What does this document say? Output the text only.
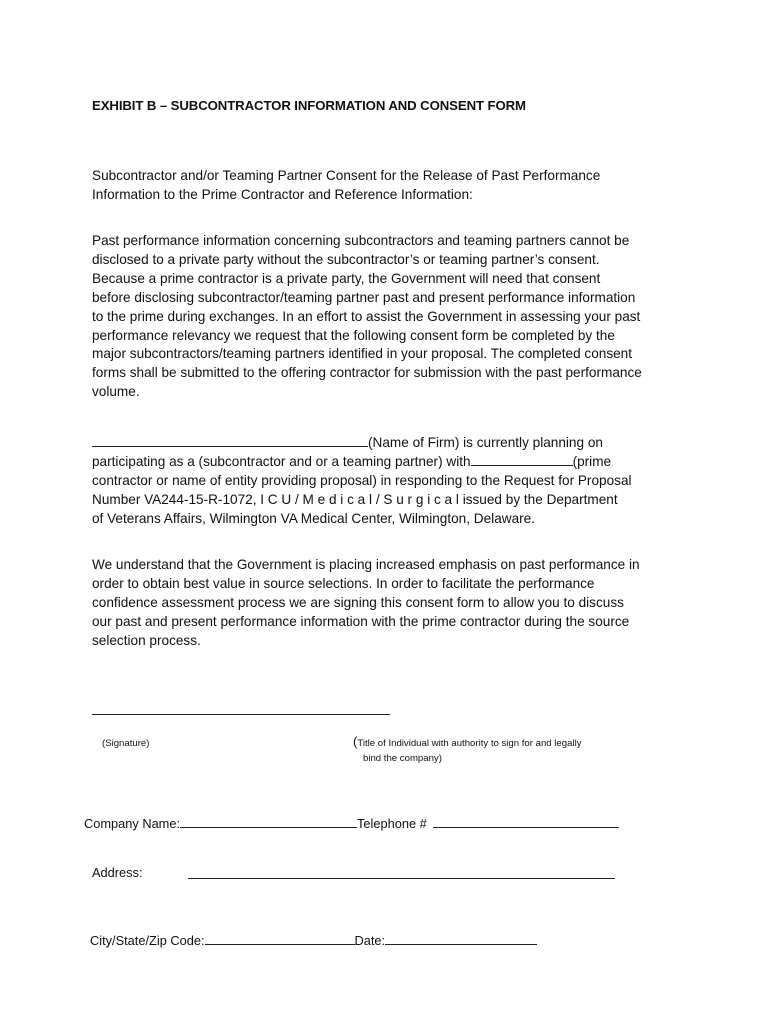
EXHIBIT B – SUBCONTRACTOR INFORMATION AND CONSENT FORM
Subcontractor and/or Teaming Partner Consent for the Release of Past Performance
Information to the Prime Contractor and Reference Information:
Past performance information concerning subcontractors and teaming partners cannot be
disclosed to a private party without the subcontractor’s or teaming partner’s consent.
Because a prime contractor is a private party, the Government will need that consent
before disclosing subcontractor/teaming partner past and present performance information
to the prime during exchanges. In an effort to assist the Government in assessing your past
performance relevancy we request that the following consent form be completed by the
major subcontractors/teaming partners identified in your proposal. The completed consent
forms shall be submitted to the offering contractor for submission with the past performance
volume.
(Name of Firm) is currently planning on
participating as a (subcontractor and or a teaming partner) with	(prime
contractor or name of entity providing proposal) in responding to the Request for Proposal
Number VA244-15-R-1072, I C U / M e d i c a l / S u r g i c a l issued by the Department
of Veterans Affairs, Wilmington VA Medical Center, Wilmington, Delaware.
We understand that the Government is placing increased emphasis on past performance in
order to obtain best value in source selections. In order to facilitate the performance
confidence assessment process we are signing this consent form to allow you to discuss
our past and present performance information with the prime contractor during the source
selection process.
(Signature)	(Title of Individual with authority to sign for and legally
bind the company)
Company Name:	Telephone #
Address:
City/State/Zip Code:	Date:
